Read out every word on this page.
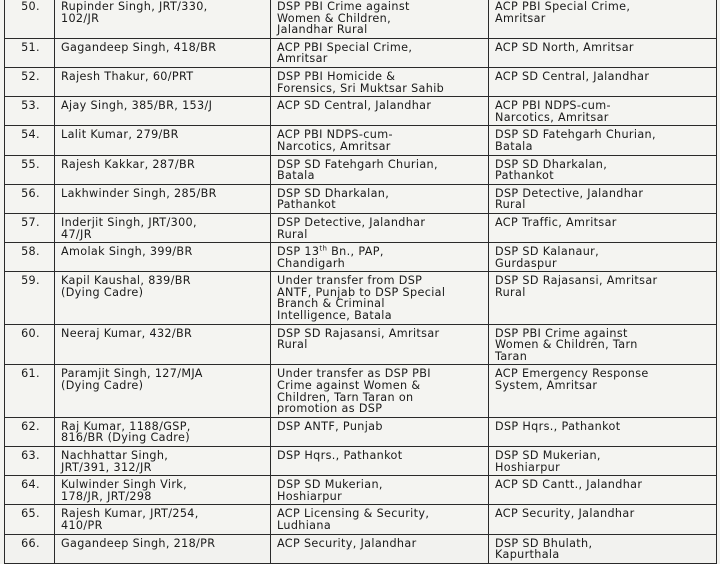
50.	Rupinder Singh, JRT/330,
102/JR	DSP PBI Crime against
Women & Children,
Jalandhar Rural	ACP PBI Special Crime,
Amritsar

51.	Gagandeep Singh, 418/BR	ACP PBI Special Crime,
Amritsar	ACP SD North, Amritsar

52.	Rajesh Thakur, 60/PRT	DSP PBI Homicide &
Forensics, Sri Muktsar Sahib	ACP SD Central, Jalandhar

53.	Ajay Singh, 385/BR, 153/J	ACP SD Central, Jalandhar	ACP PBI NDPS-cum-
Narcotics, Amritsar

54.	Lalit Kumar, 279/BR	ACP PBI NDPS-cum-
Narcotics, Amritsar	DSP SD Fatehgarh Churian,
Batala

55.	Rajesh Kakkar, 287/BR	DSP SD Fatehgarh Churian,
Batala	DSP SD Dharkalan,
Pathankot

56.	Lakhwinder Singh, 285/BR	DSP SD Dharkalan,
Pathankot	DSP Detective, Jalandhar
Rural

57.	Inderjit Singh, JRT/300,
47/JR	DSP Detective, Jalandhar
Rural	ACP Traffic, Amritsar

58.	Amolak Singh, 399/BR	DSP 13th Bn., PAP,
Chandigarh	DSP SD Kalanaur,
Gurdaspur

59.	Kapil Kaushal, 839/BR
(Dying Cadre)	Under transfer from DSP
ANTF, Punjab to DSP Special
Branch & Criminal
Intelligence, Batala	DSP SD Rajasansi, Amritsar
Rural

60.	Neeraj Kumar, 432/BR	DSP SD Rajasansi, Amritsar
Rural	DSP PBI Crime against
Women & Children, Tarn
Taran

61.	Paramjit Singh, 127/MJA
(Dying Cadre)	Under transfer as DSP PBI
Crime against Women &
Children, Tarn Taran on
promotion as DSP	ACP Emergency Response
System, Amritsar

62.	Raj Kumar, 1188/GSP,
816/BR (Dying Cadre)	DSP ANTF, Punjab	DSP Hqrs., Pathankot

63.	Nachhattar Singh,
JRT/391, 312/JR	DSP Hqrs., Pathankot	DSP SD Mukerian,
Hoshiarpur

64.	Kulwinder Singh Virk,
178/JR, JRT/298	DSP SD Mukerian,
Hoshiarpur	ACP SD Cantt., Jalandhar

65.	Rajesh Kumar, JRT/254,
410/PR	ACP Licensing & Security,
Ludhiana	ACP Security, Jalandhar

66.	Gagandeep Singh, 218/PR	ACP Security, Jalandhar	DSP SD Bhulath,
Kapurthala
